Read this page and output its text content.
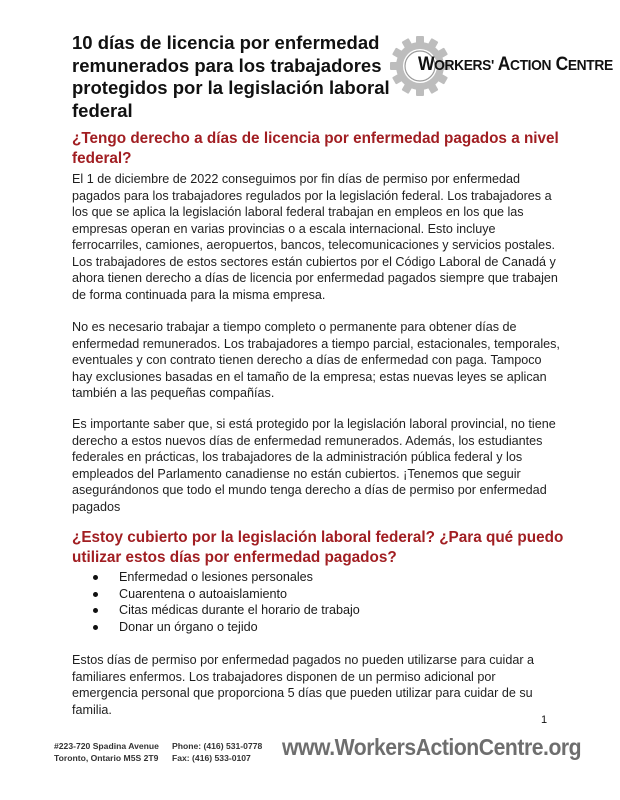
10 días de licencia por enfermedad remunerados para los trabajadores protegidos por la legislación laboral federal
WORKERS' ACTION CENTRE
¿Tengo derecho a días de licencia por enfermedad pagados a nivel federal?

El 1 de diciembre de 2022 conseguimos por fin días de permiso por enfermedad pagados para los trabajadores regulados por la legislación federal. Los trabajadores a los que se aplica la legislación laboral federal trabajan en empleos en los que las empresas operan en varias provincias o a escala internacional. Esto incluye ferrocarriles, camiones, aeropuertos, bancos, telecomunicaciones y servicios postales. Los trabajadores de estos sectores están cubiertos por el Código Laboral de Canadá y ahora tienen derecho a días de licencia por enfermedad pagados siempre que trabajen de forma continuada para la misma empresa.

No es necesario trabajar a tiempo completo o permanente para obtener días de enfermedad remunerados. Los trabajadores a tiempo parcial, estacionales, temporales, eventuales y con contrato tienen derecho a días de enfermedad con paga. Tampoco hay exclusiones basadas en el tamaño de la empresa; estas nuevas leyes se aplican también a las pequeñas compañías.

Es importante saber que, si está protegido por la legislación laboral provincial, no tiene derecho a estos nuevos días de enfermedad remunerados. Además, los estudiantes federales en prácticas, los trabajadores de la administración pública federal y los empleados del Parlamento canadiense no están cubiertos. ¡Tenemos que seguir asegurándonos que todo el mundo tenga derecho a días de permiso por enfermedad pagados

¿Estoy cubierto por la legislación laboral federal? ¿Para qué puedo utilizar estos días por enfermedad pagados?
Enfermedad o lesiones personales
Cuarentena o autoaislamiento
Citas médicas durante el horario de trabajo
Donar un órgano o tejido

Estos días de permiso por enfermedad pagados no pueden utilizarse para cuidar a familiares enfermos. Los trabajadores disponen de un permiso adicional por emergencia personal que proporciona 5 días que pueden utilizar para cuidar de su familia.

1
#223-720 Spadina Avenue
Toronto, Ontario M5S 2T9
Phone: (416) 531-0778
Fax: (416) 533-0107	www.WorkersActionCentre.org
